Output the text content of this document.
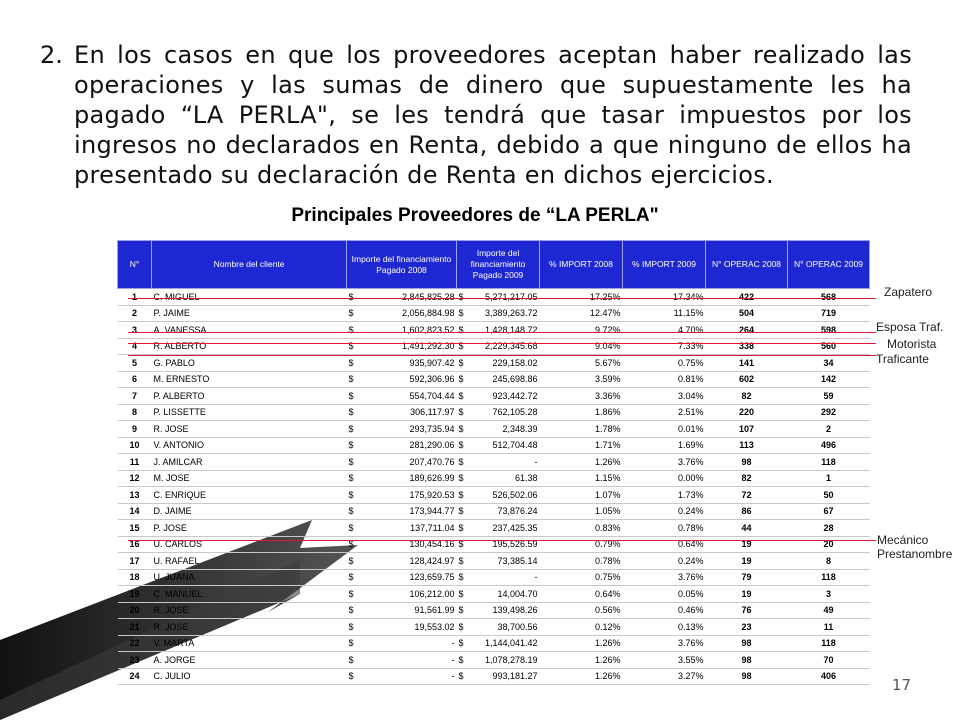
2. En los casos en que los proveedores aceptan haber realizado las operaciones y las sumas de dinero que supuestamente les ha pagado “LA PERLA", se les tendrá que tasar impuestos por los ingresos no declarados en Renta, debido a que ninguno de ellos ha presentado su declaración de Renta en dichos ejercicios.
Principales Proveedores de “LA PERLA"
N°	Nombre del cliente	Importe del financiamiento Pagado 2008	Importe del financiamiento Pagado 2009	% IMPORT 2008	% IMPORT 2009	N° OPERAC 2008	N° OPERAC 2009
1	C. MIGUEL	$ 2,845,825.28	$ 5,271,217.05	17.25%	17.34%	422	568
2	P. JAIME	$ 2,056,884.98	$ 3,389,263.72	12.47%	11.15%	504	719
3	A. VANESSA	$ 1,602,823.52	$ 1,428,148.72	9.72%	4.70%	264	598
4	R. ALBERTO	$ 1,491,292.30	$ 2,229,345.68	9.04%	7.33%	338	560
5	G. PABLO	$ 935,907.42	$ 229,158.02	5.67%	0.75%	141	34
6	M. ERNESTO	$ 592,306.96	$ 245,698.86	3.59%	0.81%	602	142
7	P. ALBERTO	$ 554,704.44	$ 923,442.72	3.36%	3.04%	82	59
8	P. LISSETTE	$ 306,117.97	$ 762,105.28	1.86%	2.51%	220	292
9	R. JOSE	$ 293,735.94	$ 2,348.39	1.78%	0.01%	107	2
10	V. ANTONIO	$ 281,290.06	$ 512,704.48	1.71%	1.69%	113	496
11	J. AMILCAR	$ 207,470.76	$ -	1.26%	3.76%	98	118
12	M. JOSE	$ 189,626.99	$ 61.38	1.15%	0.00%	82	1
13	C. ENRIQUE	$ 175,920.53	$ 526,502.06	1.07%	1.73%	72	50
14	D. JAIME	$ 173,944.77	$ 73,876.24	1.05%	0.24%	86	67
15	P. JOSE	$ 137,711.04	$ 237,425.35	0.83%	0.78%	44	28
16	U. CARLOS	$ 130,454.16	$ 195,526.59	0.79%	0.64%	19	20
17	U. RAFAEL	$ 128,424.97	$ 73,385.14	0.78%	0.24%	19	8
18	U. JUANA	$ 123,659.75	$ -	0.75%	3.76%	79	118
19	C. MANUEL	$ 106,212.00	$ 14,004.70	0.64%	0.05%	19	3
20	R. JOSE	$ 91,561.99	$ 139,498.26	0.56%	0.46%	76	49
21	R. JOSE	$ 19,553.02	$ 38,700.56	0.12%	0.13%	23	11
22	V. MARTA	$ -	$ 1,144,041.42	1.26%	3.76%	98	118
23	A. JORGE	$ -	$ 1,078,278.19	1.26%	3.55%	98	70
24	C. JULIO	$ -	$ 993,181.27	1.26%	3.27%	98	406
Zapatero
Esposa Traf.
Motorista
Traficante
Mecánico
Prestanombre
17
